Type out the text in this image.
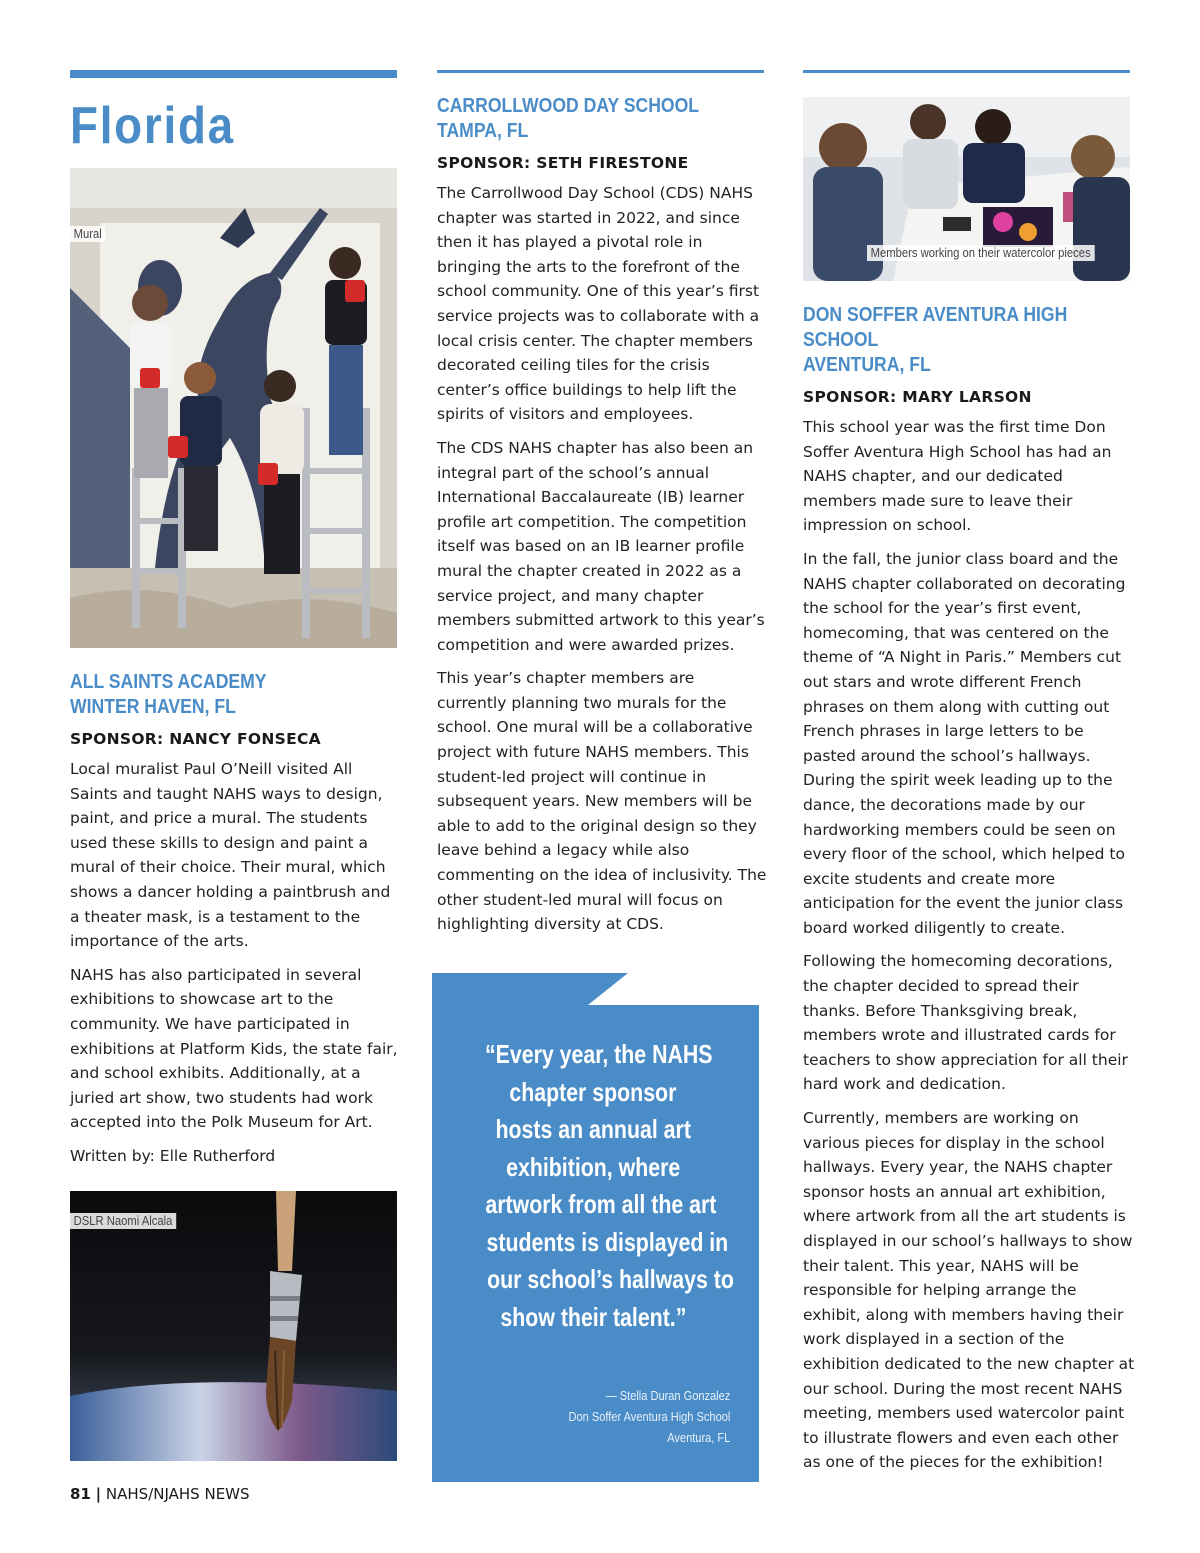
Florida
Mural
ALL SAINTS ACADEMY
WINTER HAVEN, FL
SPONSOR: NANCY FONSECA

Local muralist Paul O’Neill visited All Saints and taught NAHS ways to design, paint, and price a mural. The students used these skills to design and paint a mural of their choice. Their mural, which shows a dancer holding a paintbrush and a theater mask, is a testament to the importance of the arts.

NAHS has also participated in several exhibitions to showcase art to the community. We have participated in exhibitions at Platform Kids, the state fair, and school exhibits. Additionally, at a juried art show, two students had work accepted into the Polk Museum for Art.

Written by: Elle Rutherford

DSLR Naomi Alcala
CARROLLWOOD DAY SCHOOL
TAMPA, FL
SPONSOR: SETH FIRESTONE

The Carrollwood Day School (CDS) NAHS chapter was started in 2022, and since then it has played a pivotal role in bringing the arts to the forefront of the school community. One of this year’s first service projects was to collaborate with a local crisis center. The chapter members decorated ceiling tiles for the crisis center’s office buildings to help lift the spirits of visitors and employees.

The CDS NAHS chapter has also been an integral part of the school’s annual International Baccalaureate (IB) learner profile art competition. The competition itself was based on an IB learner profile mural the chapter created in 2022 as a service project, and many chapter members submitted artwork to this year’s competition and were awarded prizes.

This year’s chapter members are currently planning two murals for the school. One mural will be a collaborative project with future NAHS members. This student-led project will continue in subsequent years. New members will be able to add to the original design so they leave behind a legacy while also commenting on the idea of inclusivity. The other student-led mural will focus on highlighting diversity at CDS.

“Every year, the NAHS
chapter sponsor
hosts an annual art
exhibition, where
artwork from all the art
students is displayed in
our school’s hallways to
show their talent.”
— Stella Duran Gonzalez
Don Soffer Aventura High School
Aventura, FL
Members working on their watercolor pieces
DON SOFFER AVENTURA HIGH SCHOOL
AVENTURA, FL
SPONSOR: MARY LARSON

This school year was the first time Don Soffer Aventura High School has had an NAHS chapter, and our dedicated members made sure to leave their impression on school.

In the fall, the junior class board and the NAHS chapter collaborated on decorating the school for the year’s first event, homecoming, that was centered on the theme of “A Night in Paris.” Members cut out stars and wrote different French phrases on them along with cutting out French phrases in large letters to be pasted around the school’s hallways. During the spirit week leading up to the dance, the decorations made by our hardworking members could be seen on every floor of the school, which helped to excite students and create more anticipation for the event the junior class board worked diligently to create.

Following the homecoming decorations, the chapter decided to spread their thanks. Before Thanksgiving break, members wrote and illustrated cards for teachers to show appreciation for all their hard work and dedication.

Currently, members are working on various pieces for display in the school hallways. Every year, the NAHS chapter sponsor hosts an annual art exhibition, where artwork from all the art students is displayed in our school’s hallways to show their talent. This year, NAHS will be responsible for helping arrange the exhibit, along with members having their work displayed in a section of the exhibition dedicated to the new chapter at our school. During the most recent NAHS meeting, members used watercolor paint to illustrate flowers and even each other as one of the pieces for the exhibition!

81 | NAHS/NJAHS NEWS
